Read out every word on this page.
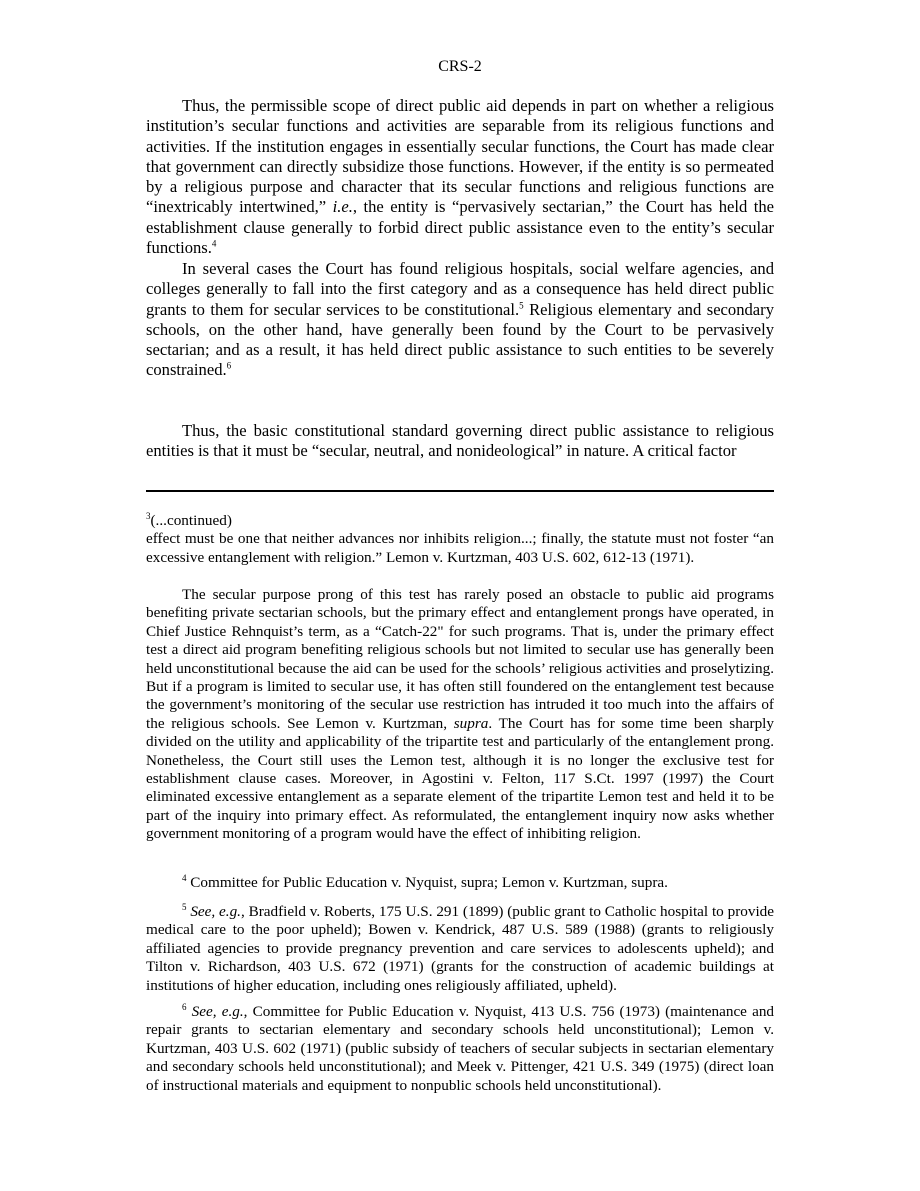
CRS-2

Thus, the permissible scope of direct public aid depends in part on whether a religious institution’s secular functions and activities are separable from its religious functions and activities. If the institution engages in essentially secular functions, the Court has made clear that government can directly subsidize those functions. However, if the entity is so permeated by a religious purpose and character that its secular functions and religious functions are “inextricably intertwined,” i.e., the entity is “pervasively sectarian,” the Court has held the establishment clause generally to forbid direct public assistance even to the entity’s secular functions.$^4$

In several cases the Court has found religious hospitals, social welfare agencies, and colleges generally to fall into the first category and as a consequence has held direct public grants to them for secular services to be constitutional.$^5$ Religious elementary and secondary schools, on the other hand, have generally been found by the Court to be pervasively sectarian; and as a result, it has held direct public assistance to such entities to be severely constrained.$^6$

Thus, the basic constitutional standard governing direct public assistance to religious entities is that it must be “secular, neutral, and nonideological” in nature. A critical factor

$^3$(...continued)
effect must be one that neither advances nor inhibits religion...; finally, the statute must not foster “an excessive entanglement with religion.” Lemon v. Kurtzman, 403 U.S. 602, 612-13 (1971).

The secular purpose prong of this test has rarely posed an obstacle to public aid programs benefiting private sectarian schools, but the primary effect and entanglement prongs have operated, in Chief Justice Rehnquist’s term, as a “Catch-22" for such programs. That is, under the primary effect test a direct aid program benefiting religious schools but not limited to secular use has generally been held unconstitutional because the aid can be used for the schools’ religious activities and proselytizing. But if a program is limited to secular use, it has often still foundered on the entanglement test because the government’s monitoring of the secular use restriction has intruded it too much into the affairs of the religious schools. See Lemon v. Kurtzman, supra. The Court has for some time been sharply divided on the utility and applicability of the tripartite test and particularly of the entanglement prong. Nonetheless, the Court still uses the Lemon test, although it is no longer the exclusive test for establishment clause cases. Moreover, in Agostini v. Felton, 117 S.Ct. 1997 (1997) the Court eliminated excessive entanglement as a separate element of the tripartite Lemon test and held it to be part of the inquiry into primary effect. As reformulated, the entanglement inquiry now asks whether government monitoring of a program would have the effect of inhibiting religion.

$^4$ Committee for Public Education v. Nyquist, supra; Lemon v. Kurtzman, supra.

$^5$ See, e.g., Bradfield v. Roberts, 175 U.S. 291 (1899) (public grant to Catholic hospital to provide medical care to the poor upheld); Bowen v. Kendrick, 487 U.S. 589 (1988) (grants to religiously affiliated agencies to provide pregnancy prevention and care services to adolescents upheld); and Tilton v. Richardson, 403 U.S. 672 (1971) (grants for the construction of academic buildings at institutions of higher education, including ones religiously affiliated, upheld).

$^6$ See, e.g., Committee for Public Education v. Nyquist, 413 U.S. 756 (1973) (maintenance and repair grants to sectarian elementary and secondary schools held unconstitutional); Lemon v. Kurtzman, 403 U.S. 602 (1971) (public subsidy of teachers of secular subjects in sectarian elementary and secondary schools held unconstitutional); and Meek v. Pittenger, 421 U.S. 349 (1975) (direct loan of instructional materials and equipment to nonpublic schools held unconstitutional).
